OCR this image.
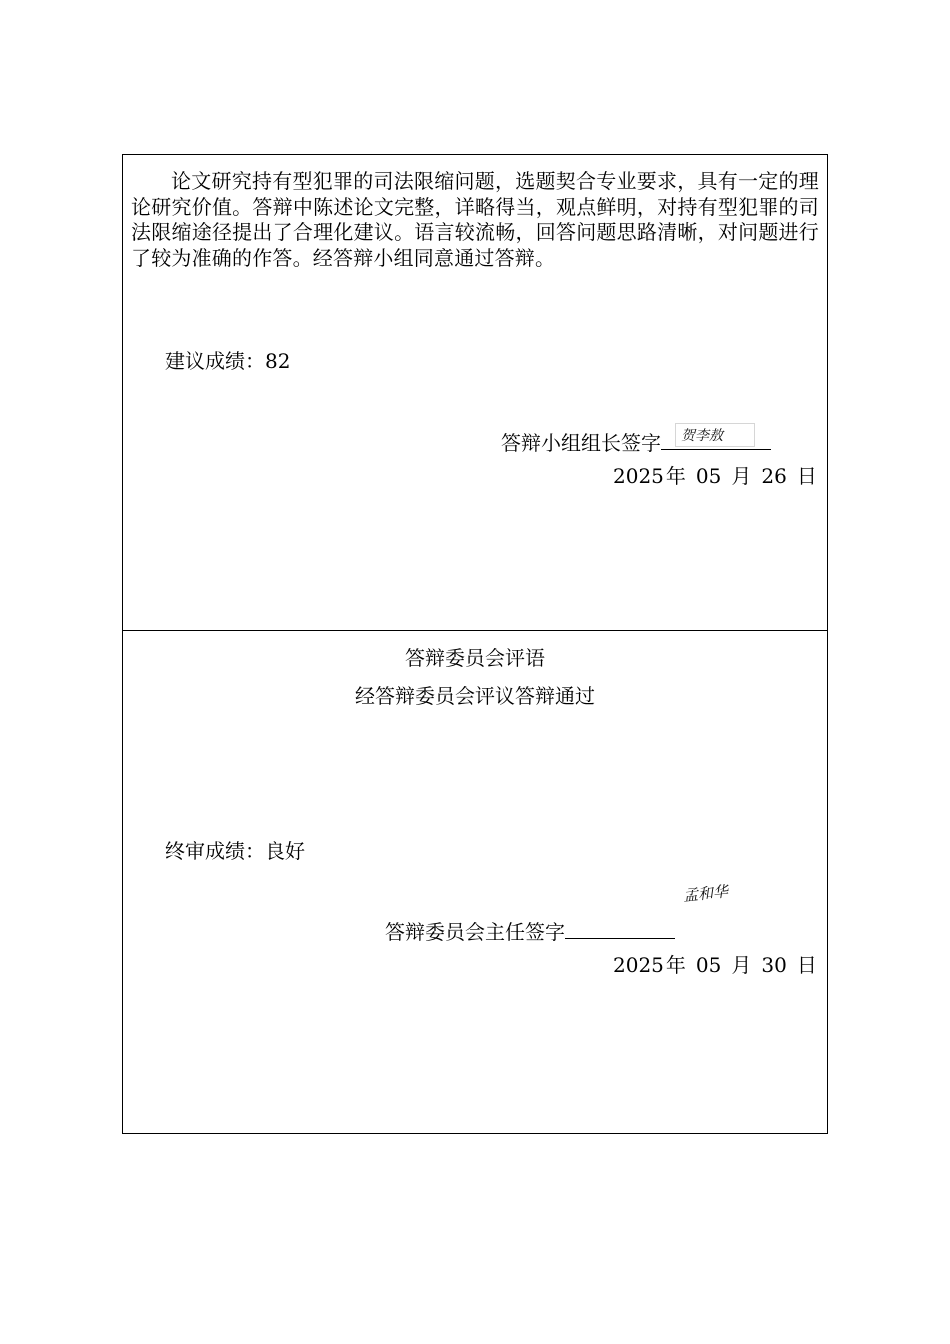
论文研究持有型犯罪的司法限缩问题，选题契合专业要求，具有一定的理论研究价值。答辩中陈述论文完整，详略得当，观点鲜明，对持有型犯罪的司法限缩途径提出了合理化建议。语言较流畅，回答问题思路清晰，对问题进行了较为准确的作答。经答辩小组同意通过答辩。

建议成绩：82
答辩小组组长签字 贺李敖
2025 年 05 月 26 日
答辩委员会评语
经答辩委员会评议答辩通过
终审成绩：良好
答辩委员会主任签字
孟和华
2025 年 05 月 30 日
